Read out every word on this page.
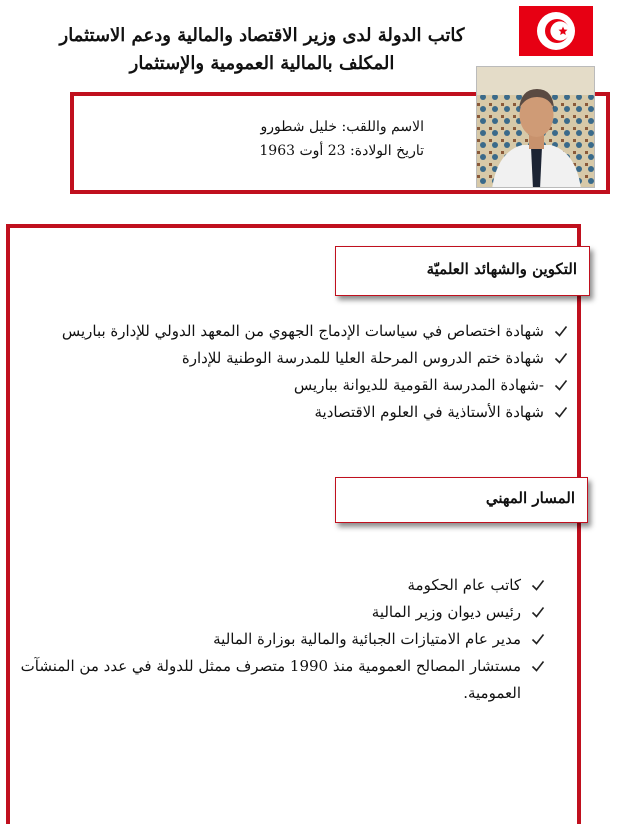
كاتب الدولة لدى وزير الاقتصاد والمالية ودعم الاستثمار
المكلف بالمالية العمومية والإستثمار
الاسم واللقب: خليل شطورو
تاريخ الولادة: 23 أوت 1963
التكوين والشهائد العلميّة
شهادة اختصاص في سياسات الإدماج الجهوي من المعهد الدولي للإدارة بباريس
شهادة ختم الدروس المرحلة العليا للمدرسة الوطنية للإدارة
-شهادة المدرسة القومية للديوانة بباريس
شهادة الأستاذية في العلوم الاقتصادية
المسار المهني
كاتب عام الحكومة
رئيس ديوان وزير المالية
مدير عام الامتيازات الجبائية والمالية بوزارة المالية
مستشار المصالح العمومية منذ 1990 متصرف ممثل للدولة في عدد من المنشآت العمومية.
